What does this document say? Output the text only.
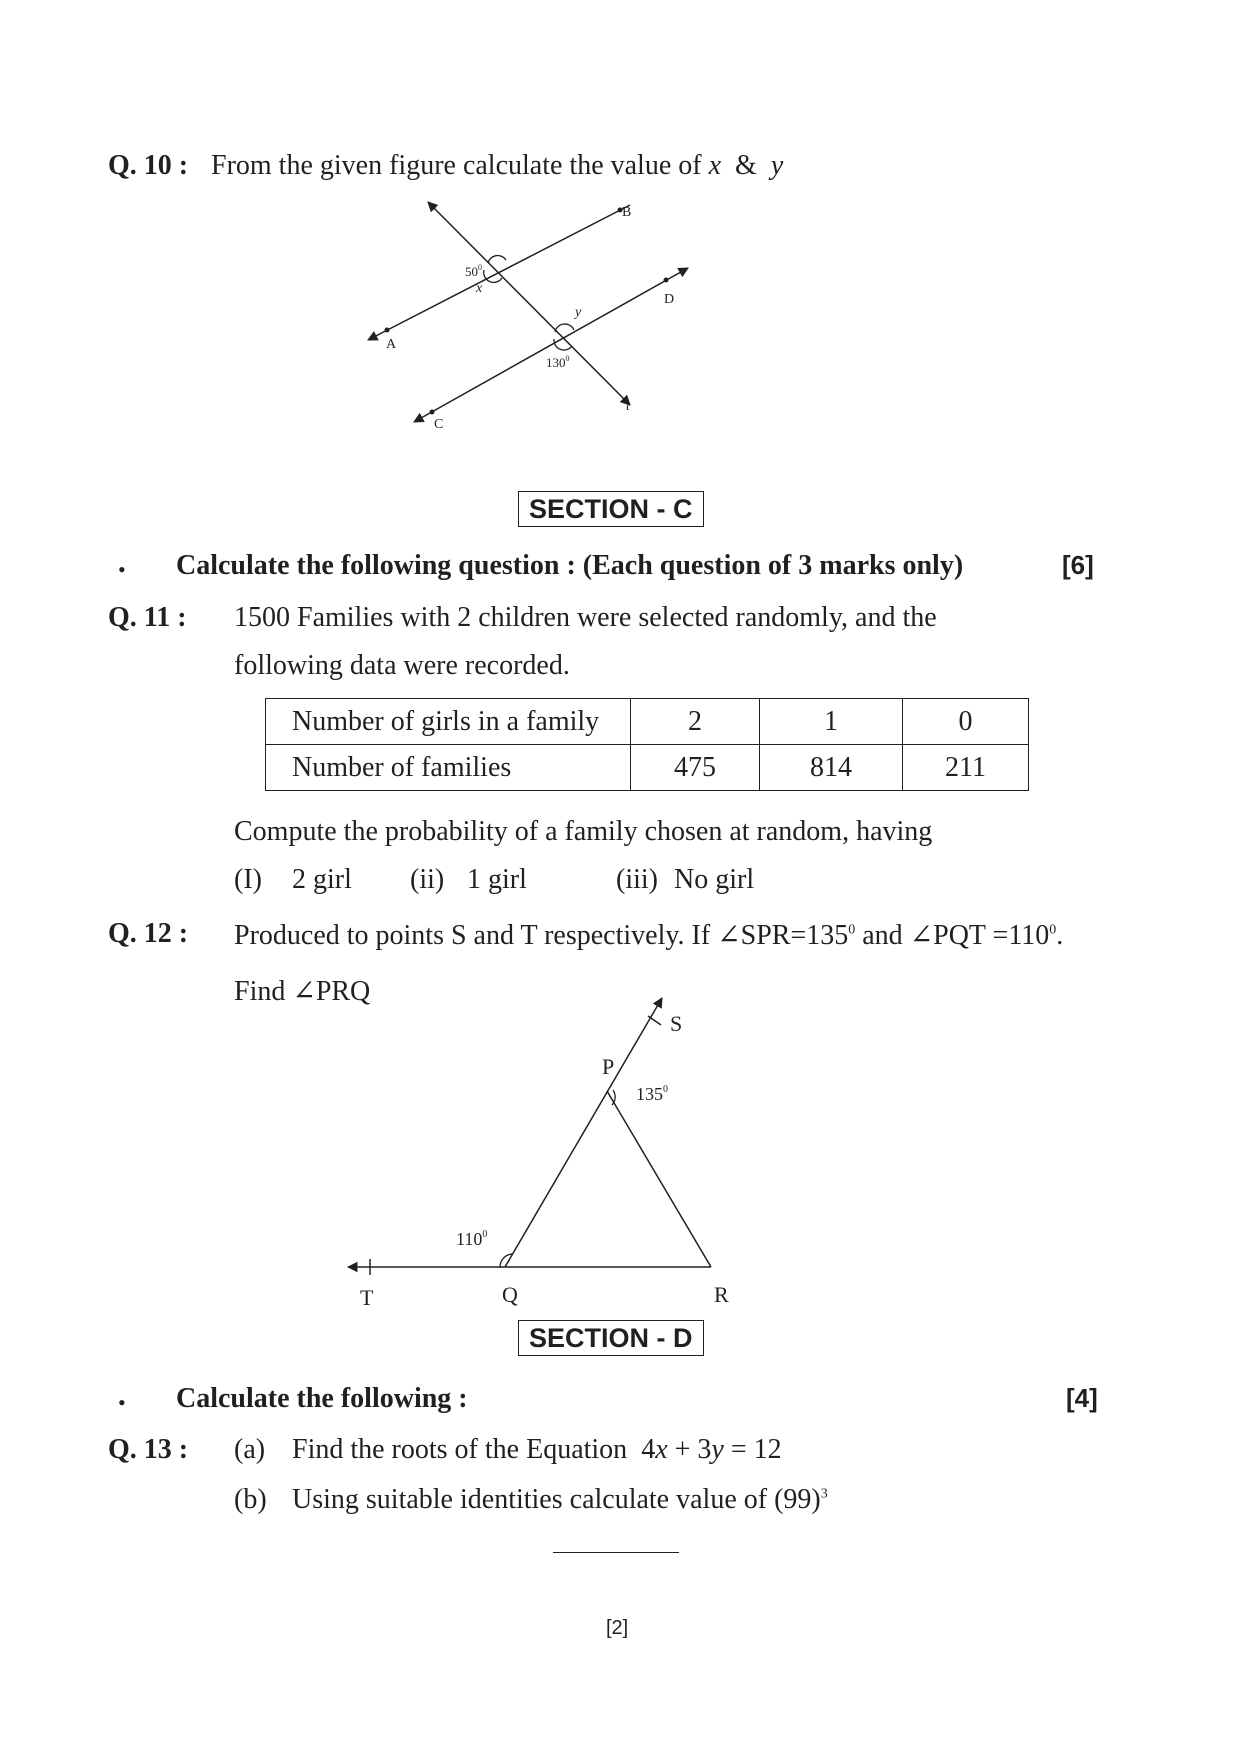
Q. 10 : From the given figure calculate the value of x & y
$50^0$
x
y
$130^0$
A
B
C
D
t
SECTION - C
• Calculate the following question : (Each question of 3 marks only)	[6]
Q. 11 : 1500 Families with 2 children were selected randomly, and the
following data were recorded.
Number of girls in a family	2	1	0
Number of families	475	814	211
Compute the probability of a family chosen at random, having
(I) 2 girl (ii) 1 girl	(iii) No girl
Q. 12 : Produced to points S and T respectively. If $\angle SPR=135^0$ and ∠PQT $=110^0$.
Find ∠PRQ
S
P
$135^0$
$110^0$
T	Q	R
SECTION - D
• Calculate the following :	[4]
Q. 13 : (a) Find the roots of the Equation 4x + 3y = 12
(b) Using suitable identities calculate value of $(99)^3$
[2]
